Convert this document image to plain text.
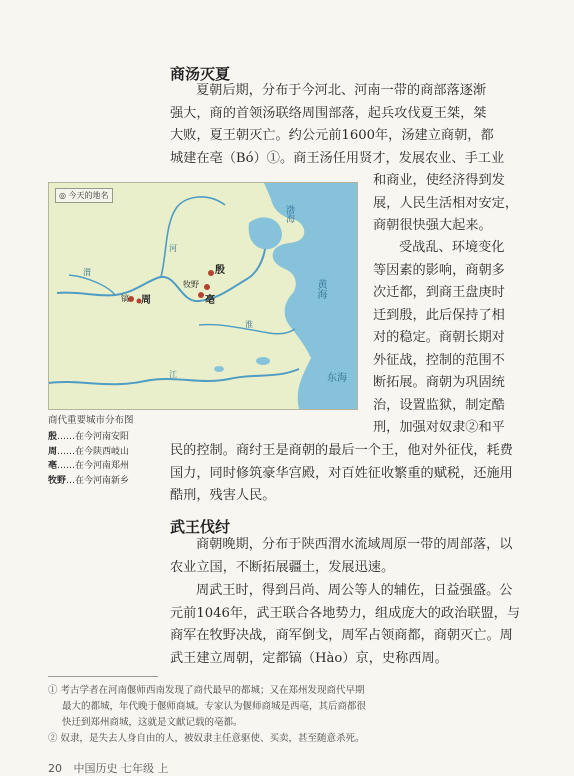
商汤灭夏
夏朝后期，分布于今河北、河南一带的商部落逐渐
强大，商的首领汤联络周围部落，起兵攻伐夏王桀，桀
大败，夏王朝灭亡。约公元前1600年，汤建立商朝，都
城建在亳（Bó）①。商王汤任用贤才，发展农业、手工业
和商业，使经济得到发
展，人民生活相对安定，
商朝很快强大起来。
受战乱、环境变化
等因素的影响，商朝多
次迁都，到商王盘庚时
迁到殷，此后保持了相
对的稳定。商朝长期对
外征战，控制的范围不
断拓展。商朝为巩固统
治，设置监狱，制定酷
刑，加强对奴隶②和平
民的控制。商纣王是商朝的最后一个王，他对外征伐，耗费
国力，同时修筑豪华宫殿，对百姓征收繁重的赋税，还施用
酷刑，残害人民。
◎ 今天的地名
殷
牧野
亳
镐 周
渤海
黄海
东海
河
渭
淮
江
商代重要城市分布图
殷……在今河南安阳
周……在今陕西岐山
亳……在今河南郑州
牧野…在今河南新乡
武王伐纣
商朝晚期，分布于陕西渭水流域周原一带的周部落，以
农业立国，不断拓展疆土，发展迅速。
周武王时，得到吕尚、周公等人的辅佐，日益强盛。公
元前1046年，武王联合各地势力，组成庞大的政治联盟，与
商军在牧野决战，商军倒戈，周军占领商都，商朝灭亡。周
武王建立周朝，定都镐（Hào）京，史称西周。
① 考古学者在河南偃师西南发现了商代最早的都城；又在郑州发现商代早期
最大的都城，年代晚于偃师商城。专家认为偃师商城是西亳，其后商都很
快迁到郑州商城，这就是文献记载的亳都。
② 奴隶，是失去人身自由的人，被奴隶主任意驱使、买卖，甚至随意杀死。
20 中国历史 七年级 上
